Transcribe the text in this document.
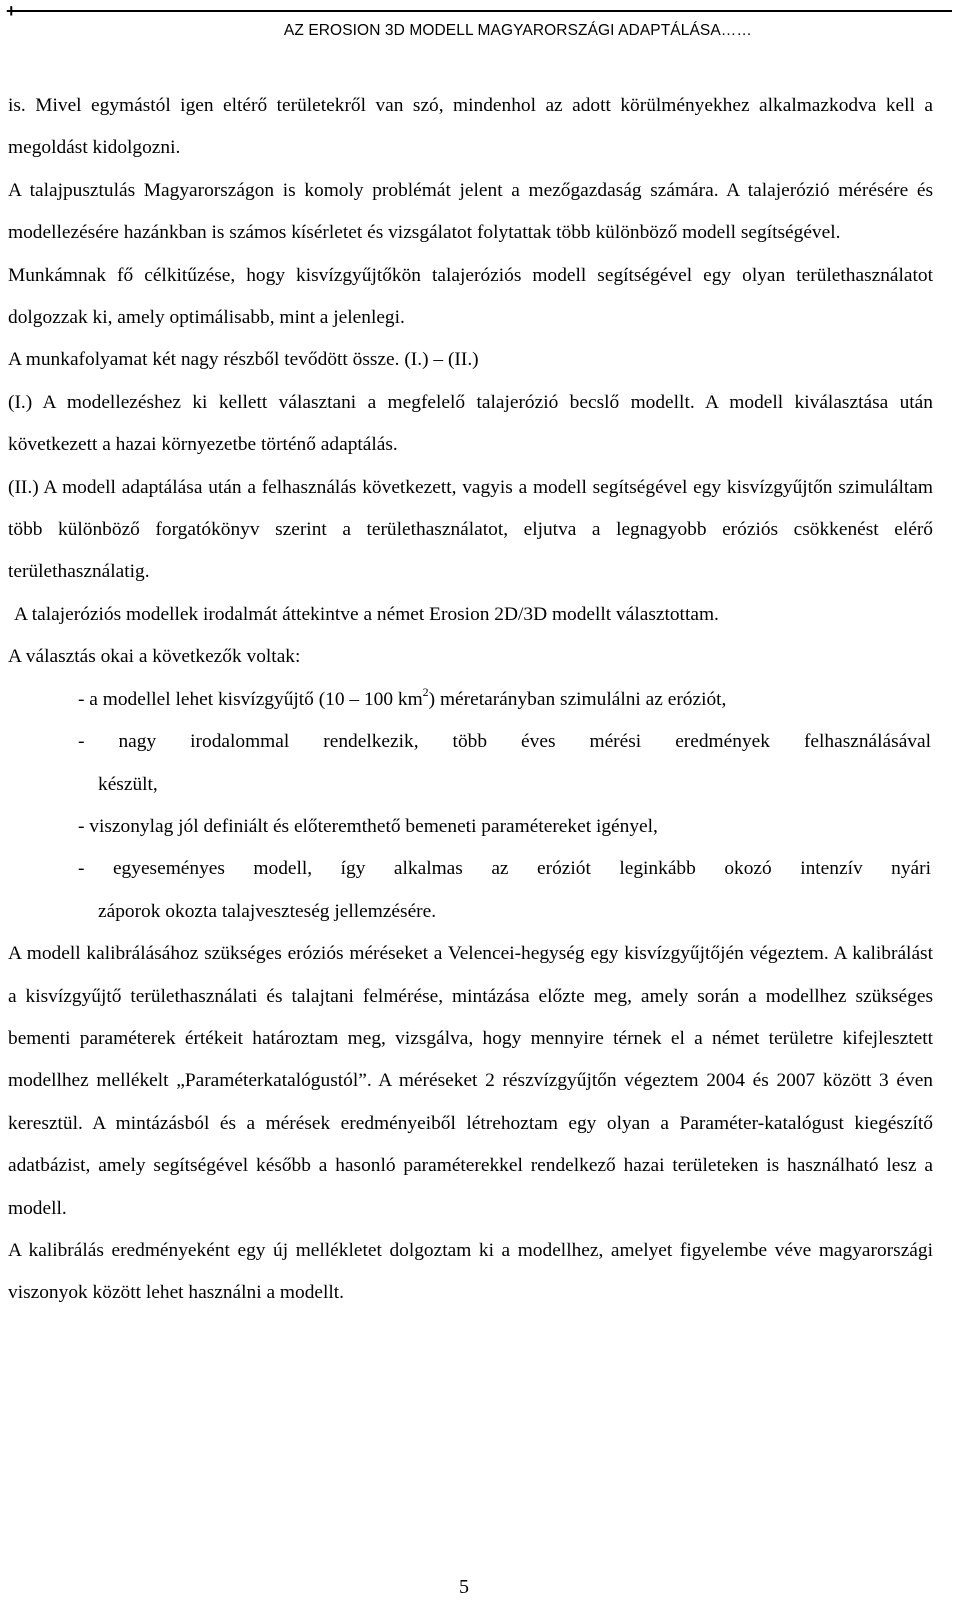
+
AZ EROSION 3D MODELL MAGYARORSZÁGI ADAPTÁLÁSA……

is. Mivel egymástól igen eltérő területekről van szó, mindenhol az adott körülményekhez alkalmazkodva kell a megoldást kidolgozni.

A talajpusztulás Magyarországon is komoly problémát jelent a mezőgazdaság számára. A talajerózió mérésére és modellezésére hazánkban is számos kísérletet és vizsgálatot folytattak több különböző modell segítségével.

Munkámnak fő célkitűzése, hogy kisvízgyűjtőkön talajeróziós modell segítségével egy olyan területhasználatot dolgozzak ki, amely optimálisabb, mint a jelenlegi.

A munkafolyamat két nagy részből tevődött össze. (I.) – (II.)

(I.) A modellezéshez ki kellett választani a megfelelő talajerózió becslő modellt. A modell kiválasztása után következett a hazai környezetbe történő adaptálás.

(II.) A modell adaptálása után a felhasználás következett, vagyis a modell segítségével egy kisvízgyűjtőn szimuláltam több különböző forgatókönyv szerint a területhasználatot, eljutva a legnagyobb eróziós csökkenést elérő területhasználatig.

A talajeróziós modellek irodalmát áttekintve a német Erosion 2D/3D modellt választottam.

A választás okai a következők voltak:

- a modellel lehet kisvízgyűjtő (10 – 100 $km^2$) méretarányban szimulálni az eróziót,

- nagy irodalommal rendelkezik, több éves mérési eredmények felhasználásával

készült,

- viszonylag jól definiált és előteremthető bemeneti paramétereket igényel,

- egyeseményes modell, így alkalmas az eróziót leginkább okozó intenzív nyári

záporok okozta talajveszteség jellemzésére.

A modell kalibrálásához szükséges eróziós méréseket a Velencei-hegység egy kisvízgyűjtőjén végeztem. A kalibrálást a kisvízgyűjtő területhasználati és talajtani felmérése, mintázása előzte meg, amely során a modellhez szükséges bementi paraméterek értékeit határoztam meg, vizsgálva, hogy mennyire térnek el a német területre kifejlesztett modellhez mellékelt „Paraméterkatalógustól”. A méréseket 2 részvízgyűjtőn végeztem 2004 és 2007 között 3 éven keresztül. A mintázásból és a mérések eredményeiből létrehoztam egy olyan a Paraméter-katalógust kiegészítő adatbázist, amely segítségével később a hasonló paraméterekkel rendelkező hazai területeken is használható lesz a modell.

A kalibrálás eredményeként egy új mellékletet dolgoztam ki a modellhez, amelyet figyelembe véve magyarországi viszonyok között lehet használni a modellt.

5
